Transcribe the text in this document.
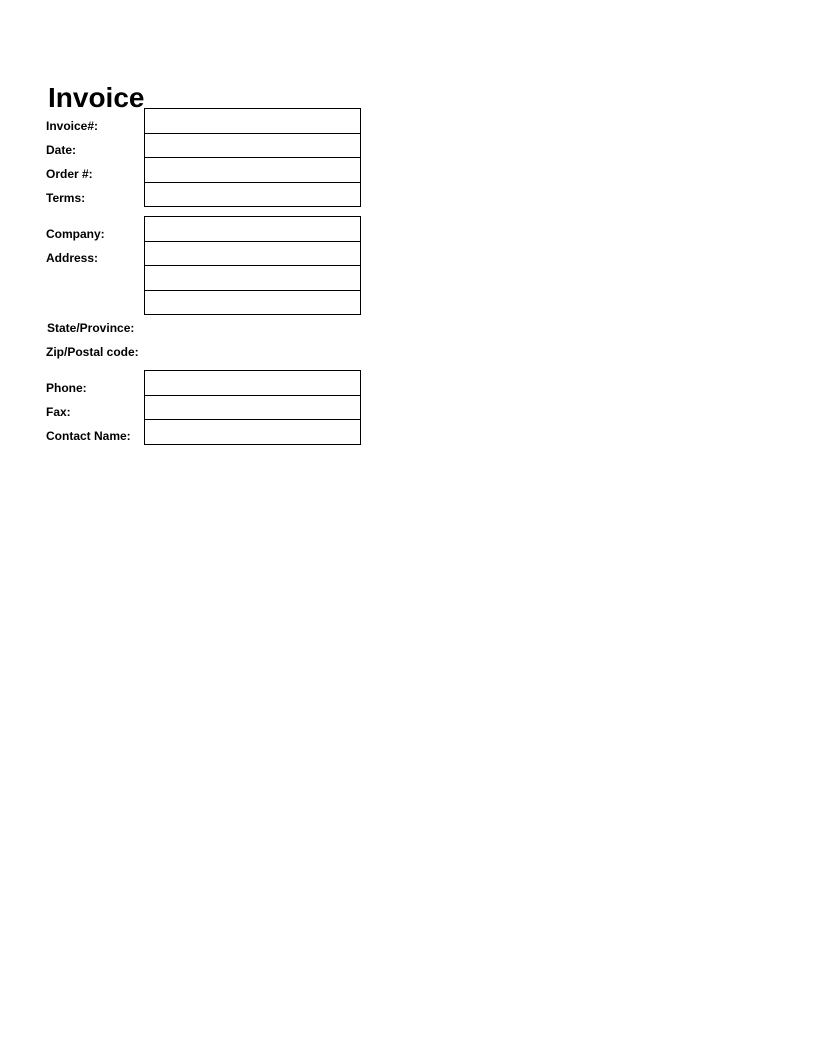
Invoice
Invoice#:
Date:
Order #:
Terms:
Company:
Address:
State/Province:
Zip/Postal code:
Phone:
Fax:
Contact Name:
